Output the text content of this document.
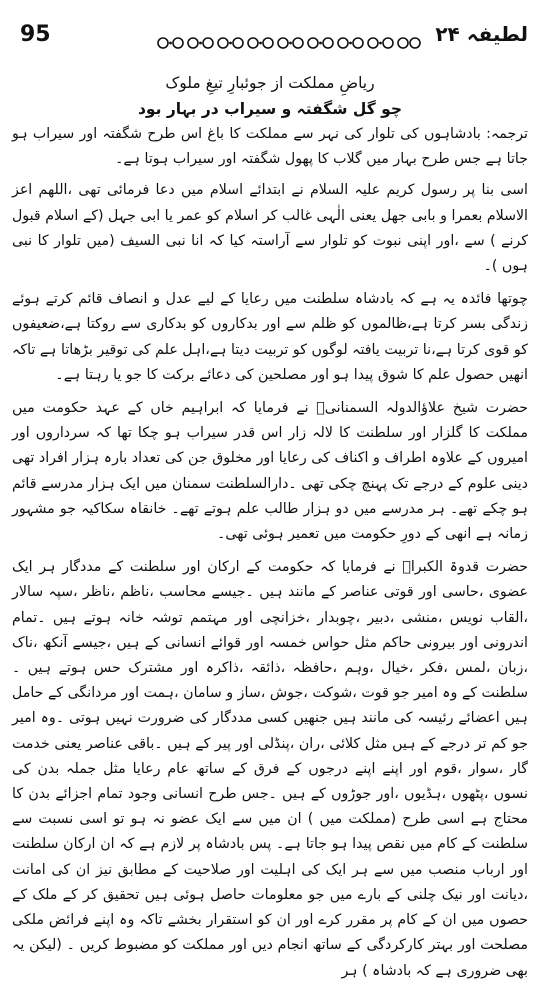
95	لطیفہ ۲۴

ریاضِ مملکت از جوئبارِ تیغِ ملوک

چو گل شگفتہ و سیراب در بہار بود

ترجمہ: بادشاہوں کی تلوار کی نہر سے مملکت کا باغ اس طرح شگفتہ اور سیراب ہو جاتا ہے جس طرح بہار میں گلاب کا پھول شگفتہ اور سیراب ہوتا ہے۔

اسی بنا پر رسول کریم علیہ السلام نے ابتدائے اسلام میں دعا فرمائی تھی ،اللھم اعز الاسلام بعمرا و بابی جھل یعنی الٰہی غالب کر اسلام کو عمر یا ابی جہل (کے اسلام قبول کرنے ) سے ،اور اپنی نبوت کو تلوار سے آراستہ کیا کہ انا نبی السیف (میں تلوار کا نبی ہوں )۔

چوتھا فائدہ یہ ہے کہ بادشاہ سلطنت میں رعایا کے لیے عدل و انصاف قائم کرتے ہوئے زندگی بسر کرتا ہے،ظالموں کو ظلم سے اور بدکاروں کو بدکاری سے روکتا ہے،ضعیفوں کو قوی کرتا ہے،نا تربیت یافتہ لوگوں کو تربیت دیتا ہے،اہل علم کی توقیر بڑھاتا ہے تاکہ انھیں حصول علم کا شوق پیدا ہو اور مصلحین کی دعائے برکت کا جو یا رہتا ہے۔

حضرت شیخ علاؤالدولہ السمنانیؒ نے فرمایا کہ ابراہیم خاں کے عہد حکومت میں مملکت کا گلزار اور سلطنت کا لالہ زار اس قدر سیراب ہو چکا تھا کہ سرداروں اور امیروں کے علاوہ اطراف و اکناف کی رعایا اور مخلوق جن کی تعداد بارہ ہزار افراد تھی دینی علوم کے درجے تک پہنچ چکی تھی ۔دارالسلطنت سمنان میں ایک ہزار مدرسے قائم ہو چکے تھے۔ ہر مدرسے میں دو ہزار طالب علم ہوتے تھے۔ خانقاہ سکاکیہ جو مشہور زمانہ ہے انھی کے دورِ حکومت میں تعمیر ہوئی تھی۔

حضرت قدوۃ الکبراؒ نے فرمایا کہ حکومت کے ارکان اور سلطنت کے مددگار ہر ایک عضوی ،حاسی اور قوتی عناصر کے مانند ہیں ۔جیسے محاسب ،ناظم ،ناظر ،سپہ سالار ،القاب نویس ،منشی ،دبیر ،چوبدار ،خزانچی اور مہتمم توشہ خانہ ہوتے ہیں ۔تمام اندرونی اور بیرونی حاکم مثل حواس خمسہ اور قوائے انسانی کے ہیں ،جیسے آنکھ ،ناک ،زبان ،لمس ،فکر ،خیال ،وہم ،حافظہ ،ذائقہ ،ذاکرہ اور مشترک حس ہوتے ہیں ۔سلطنت کے وہ امیر جو قوت ،شوکت ،جوش ،ساز و سامان ،ہمت اور مردانگی کے حامل ہیں اعضائے رئیسہ کی مانند ہیں جنھیں کسی مددگار کی ضرورت نہیں ہوتی ۔وہ امیر جو کم تر درجے کے ہیں مثل کلائی ،ران ،پنڈلی اور پیر کے ہیں ۔باقی عناصر یعنی خدمت گار ،سوار ،قوم اور اپنے اپنے درجوں کے فرق کے ساتھ عام رعایا مثل جملہ بدن کی نسوں ،پٹھوں ،ہڈیوں ،اور جوڑوں کے ہیں ۔جس طرح انسانی وجود تمام اجزائے بدن کا محتاج ہے اسی طرح (مملکت میں ) ان میں سے ایک عضو نہ ہو تو اسی نسبت سے سلطنت کے کام میں نقص پیدا ہو جاتا ہے۔ پس بادشاہ پر لازم ہے کہ ان ارکان سلطنت اور ارباب منصب میں سے ہر ایک کی اہلیت اور صلاحیت کے مطابق نیز ان کی امانت ،دیانت اور نیک چلنی کے بارے میں جو معلومات حاصل ہوئی ہیں تحقیق کر کے ملک کے حصوں میں ان کے کام پر مقرر کرے اور ان کو استقرار بخشے تاکہ وہ اپنے فرائض ملکی مصلحت اور بہتر کارکردگی کے ساتھ انجام دیں اور مملکت کو مضبوط کریں ۔ (لیکن یہ بھی ضروری ہے کہ بادشاہ ) ہر
